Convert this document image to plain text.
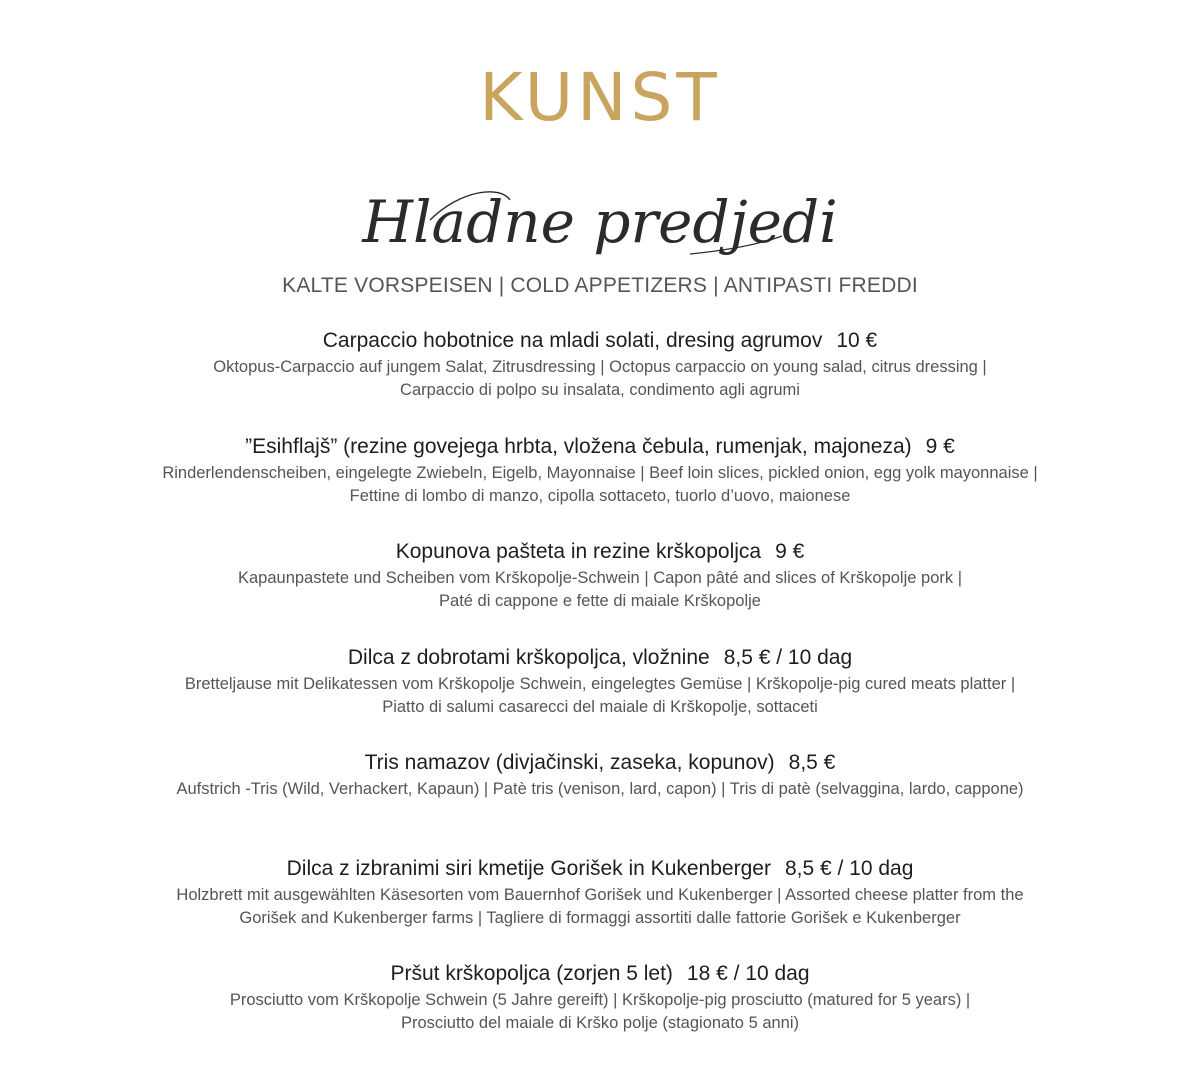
KUNST
Hladne predjedi
KALTE VORSPEISEN | COLD APPETIZERS | ANTIPASTI FREDDI
Carpaccio hobotnice na mladi solati, dresing agrumov 10 €
Oktopus-Carpaccio auf jungem Salat, Zitrusdressing | Octopus carpaccio on young salad, citrus dressing |
Carpaccio di polpo su insalata, condimento agli agrumi
”Esihflajš” (rezine govejega hrbta, vložena čebula, rumenjak, majoneza) 9 €
Rinderlendenscheiben, eingelegte Zwiebeln, Eigelb, Mayonnaise | Beef loin slices, pickled onion, egg yolk mayonnaise |
Fettine di lombo di manzo, cipolla sottaceto, tuorlo d’uovo, maionese
Kopunova pašteta in rezine krškopoljca 9 €
Kapaunpastete und Scheiben vom Krškopolje-Schwein | Capon pâté and slices of Krškopolje pork |
Paté di cappone e fette di maiale Krškopolje
Dilca z dobrotami krškopoljca, vložnine 8,5 € / 10 dag
Bretteljause mit Delikatessen vom Krškopolje Schwein, eingelegtes Gemüse | Krškopolje-pig cured meats platter |
Piatto di salumi casarecci del maiale di Krškopolje, sottaceti
Tris namazov (divjačinski, zaseka, kopunov) 8,5 €
Aufstrich -Tris (Wild, Verhackert, Kapaun) | Patè tris (venison, lard, capon) | Tris di patè (selvaggina, lardo, cappone)
Dilca z izbranimi siri kmetije Gorišek in Kukenberger 8,5 € / 10 dag
Holzbrett mit ausgewählten Käsesorten vom Bauernhof Gorišek und Kukenberger | Assorted cheese platter from the
Gorišek and Kukenberger farms | Tagliere di formaggi assortiti dalle fattorie Gorišek e Kukenberger
Pršut krškopoljca (zorjen 5 let) 18 € / 10 dag
Prosciutto vom Krškopolje Schwein (5 Jahre gereift) | Krškopolje-pig prosciutto (matured for 5 years) |
Prosciutto del maiale di Krško polje (stagionato 5 anni)
